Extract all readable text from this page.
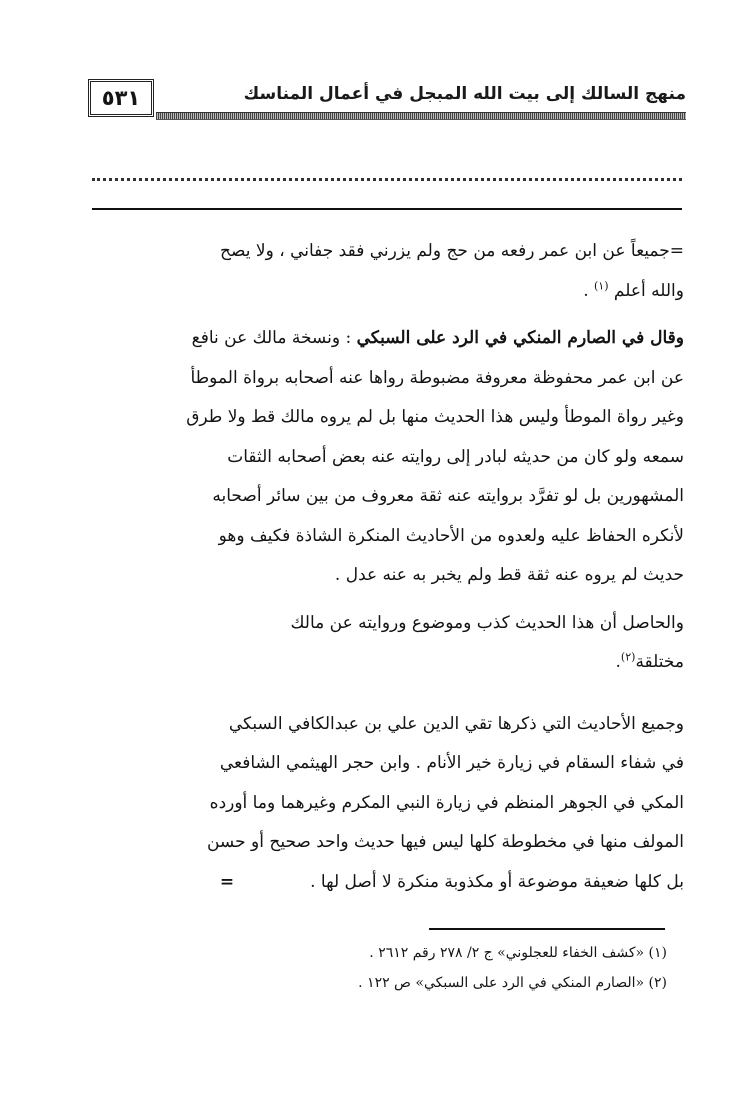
منهج السالك إلى بيت الله المبجل في أعمال المناسك
٥٣١

=جميعاً عن ابن عمر رفعه من حج ولم يزرني فقد جفاني ، ولا يصح

والله أعلم $^{(١)}$ .

وقال في الصارم المنكي في الرد على السبكي : ونسخة مالك عن نافع

عن ابن عمر محفوظة معروفة مضبوطة رواها عنه أصحابه برواة الموطأ

وغير رواة الموطأ وليس هذا الحديث منها بل لم يروه مالك قط ولا طرق

سمعه ولو كان من حديثه لبادر إلى روايته عنه بعض أصحابه الثقات

المشهورين بل لو تفرَّد بروايته عنه ثقة معروف من بين سائر أصحابه

لأنكره الحفاظ عليه ولعدوه من الأحاديث المنكرة الشاذة فكيف وهو

حديث لم يروه عنه ثقة قط ولم يخبر به عنه عدل .

والحاصل أن هذا الحديث كذب وموضوع وروايته عن مالك

مختلقة$^{(٢)}$.

وجميع الأحاديث التي ذكرها تقي الدين علي بن عبدالكافي السبكي

في شفاء السقام في زيارة خير الأنام . وابن حجر الهيثمي الشافعي

المكي في الجوهر المنظم في زيارة النبي المكرم وغيرهما وما أورده

المولف منها في مخطوطة كلها ليس فيها حديث واحد صحيح أو حسن

بل كلها ضعيفة موضوعة أو مكذوبة منكرة لا أصل لها .=

(١) «كشف الخفاء للعجلوني» ج ٢/ ٢٧٨ رقم ٢٦١٢ .

(٢) «الصارم المنكي في الرد على السبكي» ص ١٢٢ .
